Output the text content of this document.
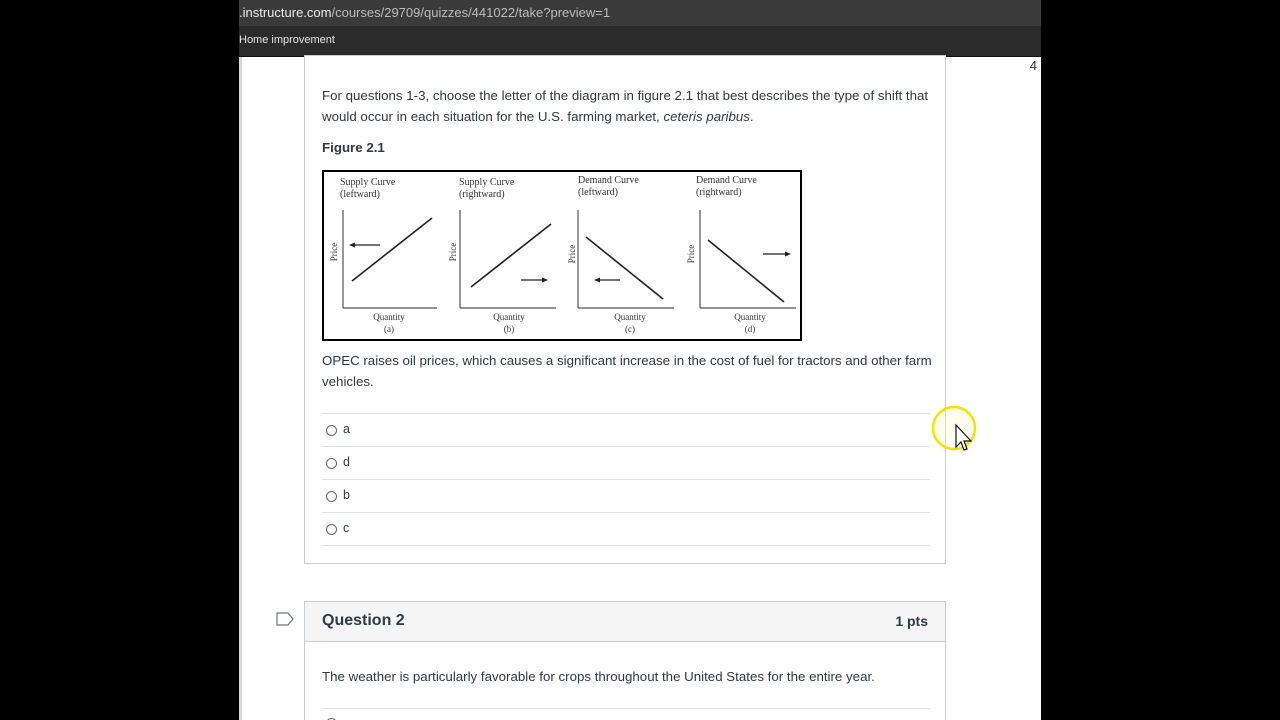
.instructure.com/courses/29709/quizzes/441022/take?preview=1
Home improvement
4

For questions 1-3, choose the letter of the diagram in figure 2.1 that best describes the type of shift that would occur in each situation for the U.S. farming market, ceteris paribus.

Figure 2.1

Supply Curve
(leftward)
Price
Quantity
(a)
Supply Curve
(rightward)
Price
Quantity
(b)
Demand Curve
(leftward)
Price
Quantity
(c)
Demand Curve
(rightward)
Price
Quantity
(d)

OPEC raises oil prices, which causes a significant increase in the cost of fuel for tractors and other farm vehicles.

a
d
b
c
Question 2	1 pts

The weather is particularly favorable for crops throughout the United States for the entire year.
